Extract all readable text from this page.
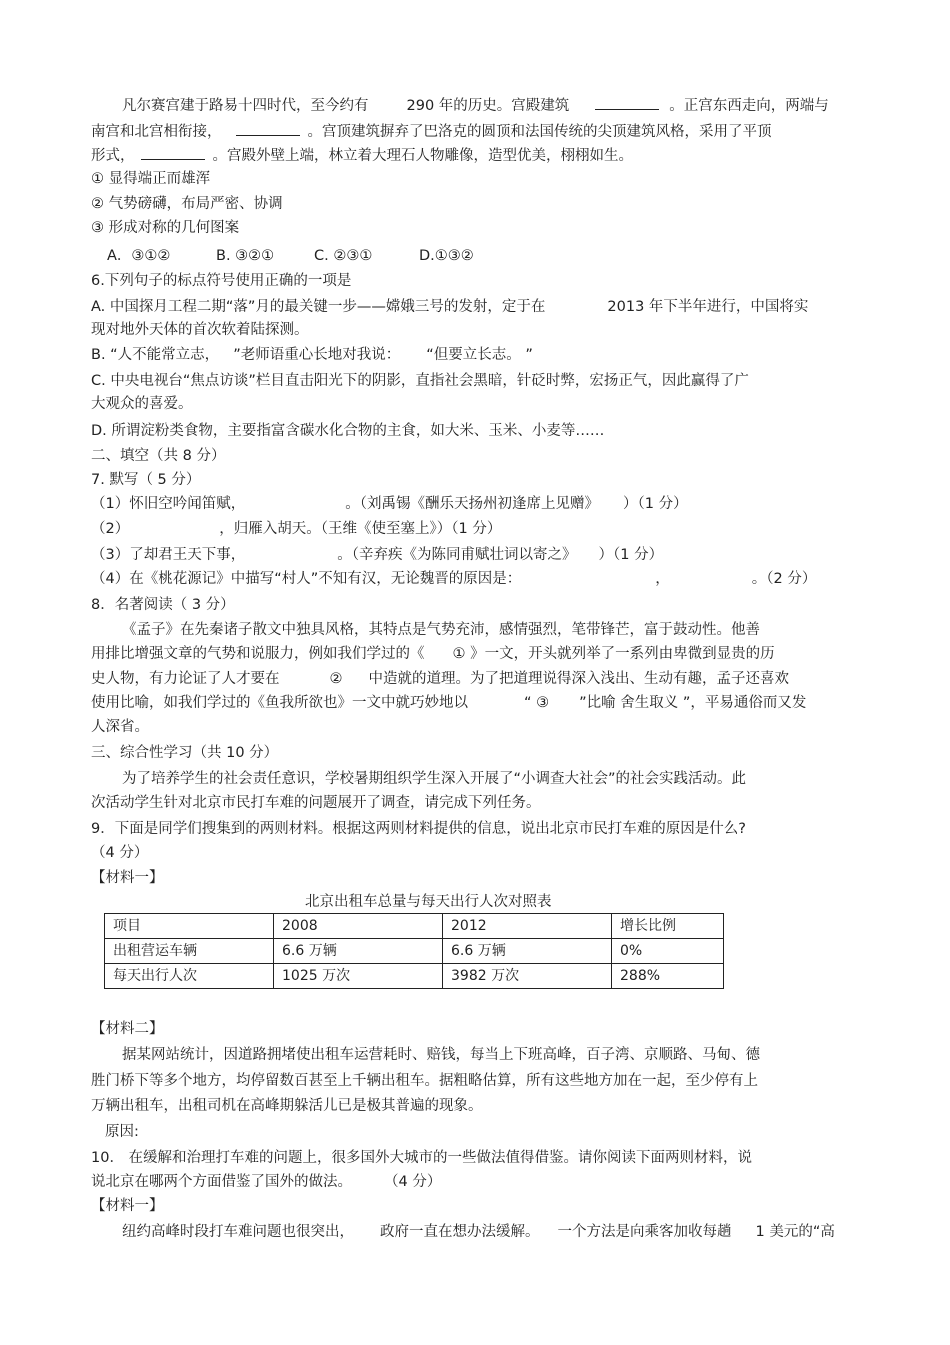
凡尔赛宫建于路易十四时代，至今约有	290 年的历史。宫殿建筑	。正宫东西走向，两端与
南宫和北宫相衔接，	。宫顶建筑摒弃了巴洛克的圆顶和法国传统的尖顶建筑风格，采用了平顶
形式，	。宫殿外壁上端，林立着大理石人物雕像，造型优美，栩栩如生。
① 显得端正而雄浑
② 气势磅礴，布局严密、协调
③ 形成对称的几何图案
A．③①②	B. ③②①	C. ②③①	D.①③②
6.下列句子的标点符号使用正确的一项是
A. 中国探月工程二期“落”月的最关键一步——嫦娥三号的发射，定于在	2013 年下半年进行，中国将实
现对地外天体的首次软着陆探测。
B. “人不能常立志， ”老师语重心长地对我说： “但要立长志。 ”
C. 中央电视台“焦点访谈”栏目直击阳光下的阴影，直指社会黑暗，针砭时弊，宏扬正气，因此赢得了广
大观众的喜爱。
D. 所谓淀粉类食物，主要指富含碳水化合物的主食，如大米、玉米、小麦等……
二、填空（共 8 分）
7. 默写（ 5 分）
（1）怀旧空吟闻笛赋，	。（刘禹锡《酬乐天扬州初逢席上见赠》 ）（1 分）
（2）	，归雁入胡天。（王维《使至塞上》）（1 分）
（3）了却君王天下事，	。（辛弃疾《为陈同甫赋壮词以寄之》 ）（1 分）
（4）在《桃花源记》中描写“村人”不知有汉，无论魏晋的原因是：	，	。（2 分）
8．名著阅读（ 3 分）
《孟子》在先秦诸子散文中独具风格，其特点是气势充沛，感情强烈，笔带锋芒，富于鼓动性。他善
用排比增强文章的气势和说服力，例如我们学过的《 ① 》一文，开头就列举了一系列由卑微到显贵的历
史人物，有力论证了人才要在	② 中造就的道理。为了把道理说得深入浅出、生动有趣，孟子还喜欢
使用比喻，如我们学过的《鱼我所欲也》一文中就巧妙地以	“ ③ ”比喻 舍生取义 ”，平易通俗而又发
人深省。
三、综合性学习（共 10 分）
为了培养学生的社会责任意识，学校暑期组织学生深入开展了“小调查大社会”的社会实践活动。此
次活动学生针对北京市民打车难的问题展开了调查，请完成下列任务。
9．下面是同学们搜集到的两则材料。根据这两则材料提供的信息，说出北京市民打车难的原因是什么?
（4 分）
【材料一】
北京出租车总量与每天出行人次对照表
项目	2008	2012	增长比例
出租营运车辆	6.6 万辆	6.6 万辆	0%
每天出行人次	1025 万次	3982 万次	288%
【材料二】
据某网站统计，因道路拥堵使出租车运营耗时、赔钱，每当上下班高峰，百子湾、京顺路、马甸、德
胜门桥下等多个地方，均停留数百甚至上千辆出租车。据粗略估算，所有这些地方加在一起，至少停有上
万辆出租车，出租司机在高峰期躲活儿已是极其普遍的现象。
原因:
10． 在缓解和治理打车难的问题上，很多国外大城市的一些做法值得借鉴。请你阅读下面两则材料，说
说北京在哪两个方面借鉴了国外的做法。 （4 分）
【材料一】
纽约高峰时段打车难问题也很突出， 政府一直在想办法缓解。 一个方法是向乘客加收每趟 1 美元的“高
